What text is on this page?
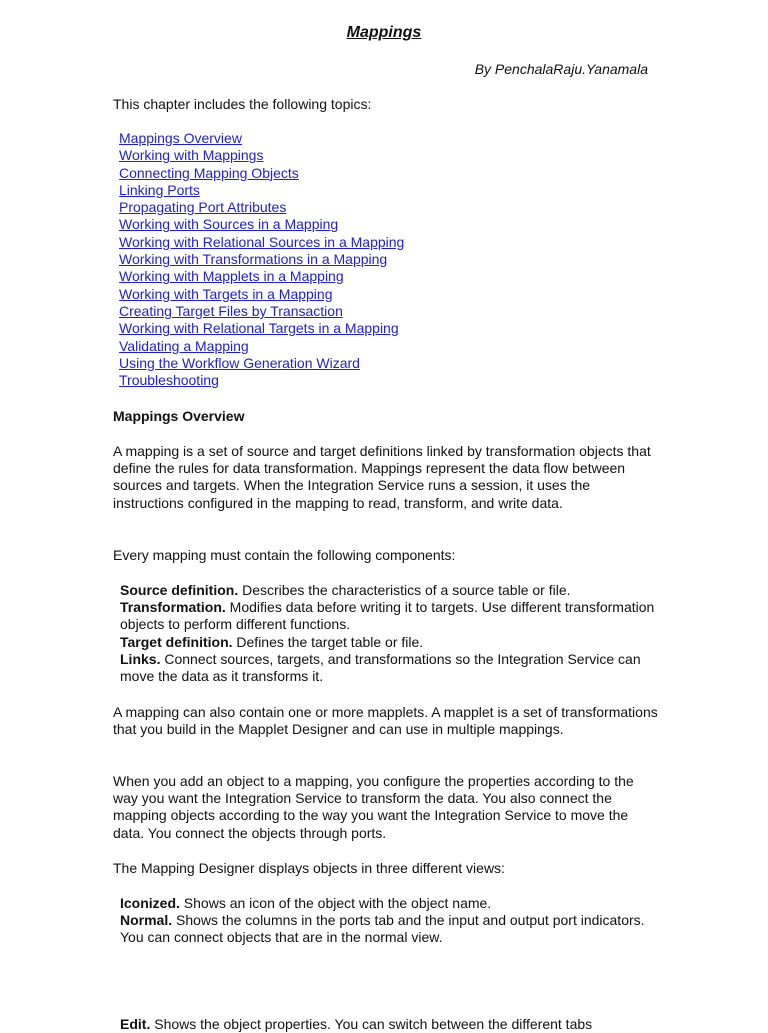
Mappings
By PenchalaRaju.Yanamala

This chapter includes the following topics:

Mappings Overview
Working with Mappings
Connecting Mapping Objects
Linking Ports
Propagating Port Attributes
Working with Sources in a Mapping
Working with Relational Sources in a Mapping
Working with Transformations in a Mapping
Working with Mapplets in a Mapping
Working with Targets in a Mapping
Creating Target Files by Transaction
Working with Relational Targets in a Mapping
Validating a Mapping
Using the Workflow Generation Wizard
Troubleshooting
Mappings Overview

A mapping is a set of source and target definitions linked by transformation objects that define the rules for data transformation. Mappings represent the data flow between sources and targets. When the Integration Service runs a session, it uses the instructions configured in the mapping to read, transform, and write data.

Every mapping must contain the following components:

Source definition. Describes the characteristics of a source table or file.
Transformation. Modifies data before writing it to targets. Use different transformation objects to perform different functions.
Target definition. Defines the target table or file.
Links. Connect sources, targets, and transformations so the Integration Service can move the data as it transforms it.

A mapping can also contain one or more mapplets. A mapplet is a set of transformations that you build in the Mapplet Designer and can use in multiple mappings.

When you add an object to a mapping, you configure the properties according to the way you want the Integration Service to transform the data. You also connect the mapping objects according to the way you want the Integration Service to move the data. You connect the objects through ports.

The Mapping Designer displays objects in three different views:

Iconized. Shows an icon of the object with the object name.
Normal. Shows the columns in the ports tab and the input and output port indicators. You can connect objects that are in the normal view.
Edit. Shows the object properties. You can switch between the different tabs
